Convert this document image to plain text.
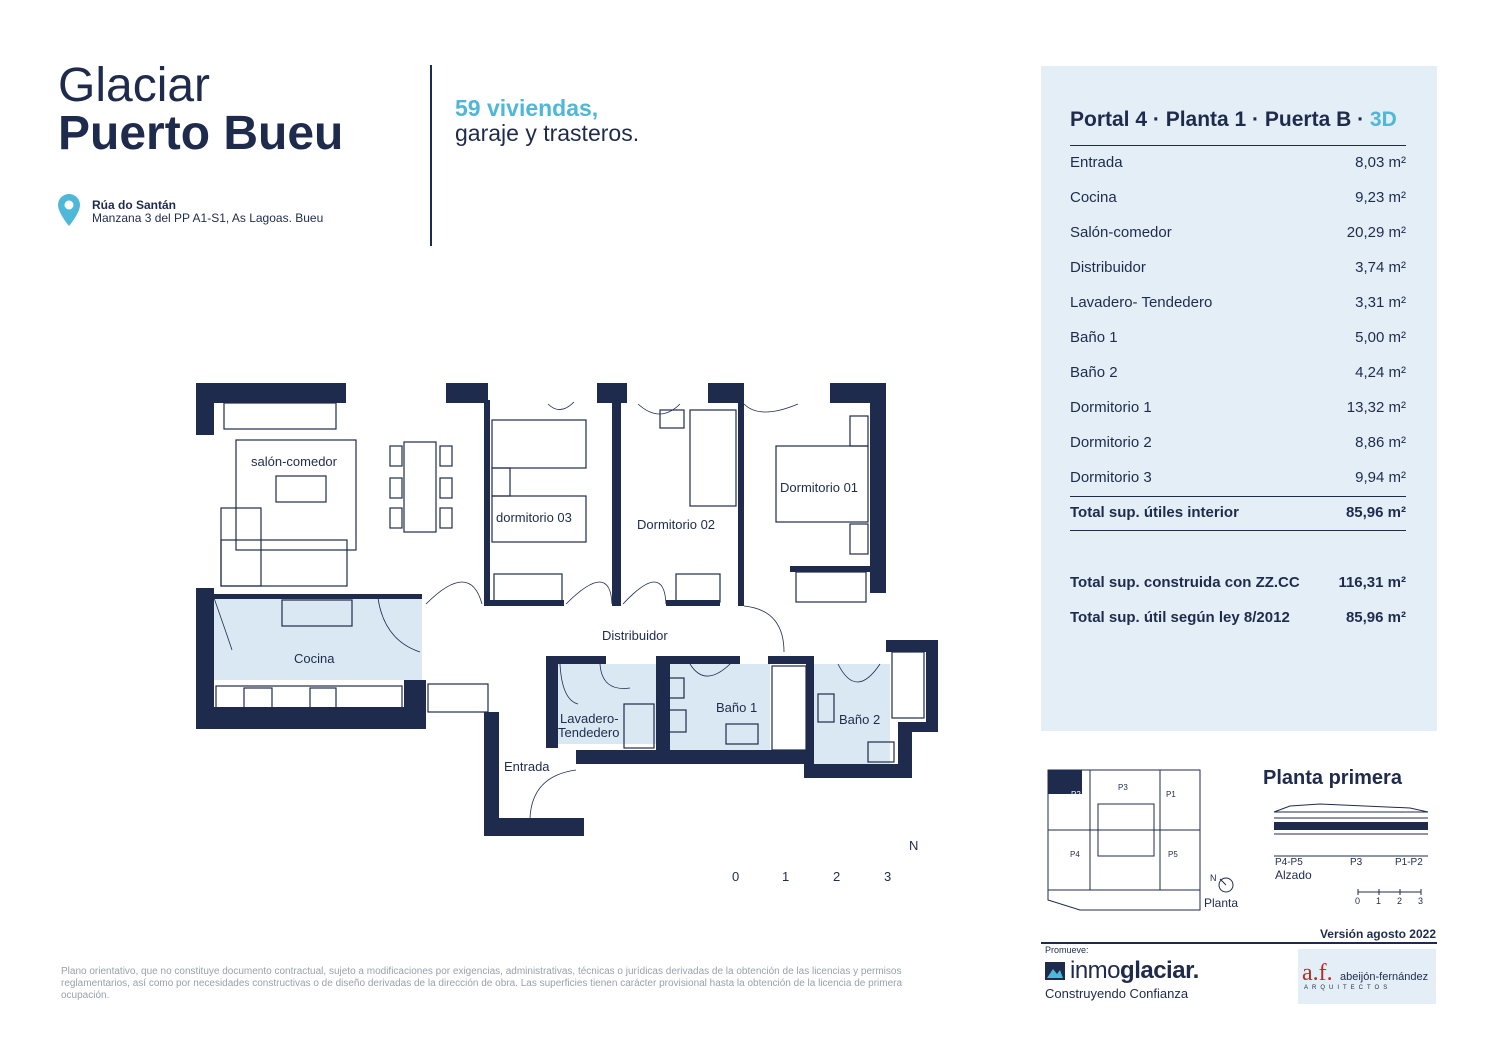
Glaciar
Puerto Bueu
Rúa do Santán
Manzana 3 del PP A1-S1, As Lagoas. Bueu
59 viviendas,
garaje y trasteros.
Portal 4 · Planta 1 · Puerta B · 3D
Entrada	8,03 m²
Cocina	9,23 m²
Salón-comedor	20,29 m²
Distribuidor	3,74 m²
Lavadero- Tendedero	3,31 m²
Baño 1	5,00 m²
Baño 2	4,24 m²
Dormitorio 1	13,32 m²
Dormitorio 2	8,86 m²
Dormitorio 3	9,94 m²
Total sup. útiles interior	85,96 m²
Total sup. construida con ZZ.CC	116,31 m²
Total sup. útil según ley 8/2012	85,96 m²
salón-comedor
Cocina
dormitorio 03	Dormitorio 02
Dormitorio 01
Distribuidor
Lavadero-
Tendedero
Baño 1
Baño 2
Entrada
N
0	1	2	3
Planta primera
N
Planta
P4-P5	P3	P1-P2
Alzado
0 1 2 3
P2
P3
P1
P4	P5
Plano orientativo, que no constituye documento contractual, sujeto a modificaciones por exigencias, administrativas, técnicas o jurídicas derivadas de la obtención de las licencias y permisos reglamentarios, así como por necesidades constructivas o de diseño derivadas de la dirección de obra. Las superficies tienen carácter provisional hasta la obtención de la licencia de primera ocupación.
Versión agosto 2022
Promueve:
inmoglaciar.
Construyendo Confianza
a.f. abeijón-fernández
ARQUITECTOS
